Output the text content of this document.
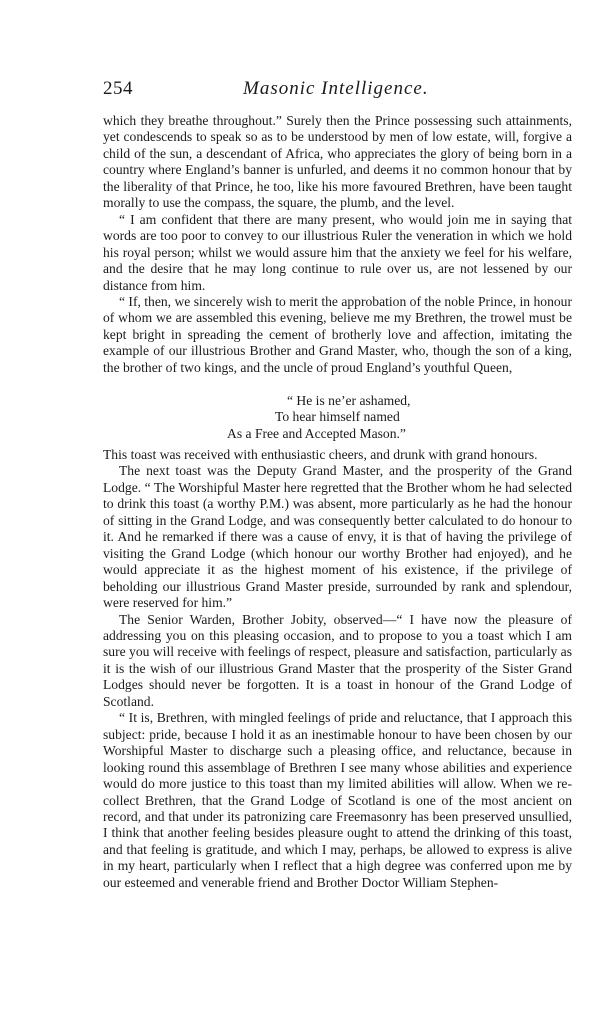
254	Masonic Intelligence.

which they breathe throughout.” Surely then the Prince possessing such attainments, yet condescends to speak so as to be understood by men of low estate, will, forgive a child of the sun, a descendant of Africa, who appreciates the glory of being born in a country where England’s banner is unfurled, and deems it no common honour that by the liberality of that Prince, he too, like his more favoured Brethren, have been taught morally to use the compass, the square, the plumb, and the level.

“ I am confident that there are many present, who would join me in saying that words are too poor to convey to our illustrious Ruler the veneration in which we hold his royal person; whilst we would assure him that the anxiety we feel for his welfare, and the desire that he may long continue to rule over us, are not lessened by our distance from him.

“ If, then, we sincerely wish to merit the approbation of the noble Prince, in honour of whom we are assembled this evening, believe me my Brethren, the trowel must be kept bright in spreading the cement of brotherly love and affection, imitating the example of our illustrious Brother and Grand Master, who, though the son of a king, the brother of two kings, and the uncle of proud England’s youthful Queen,

“ He is ne’er ashamed,
To hear himself named
As a Free and Accepted Mason.”

This toast was received with enthusiastic cheers, and drunk with grand honours.

The next toast was the Deputy Grand Master, and the prosperity of the Grand Lodge. “ The Worshipful Master here regretted that the Brother whom he had selected to drink this toast (a worthy P.M.) was absent, more particularly as he had the honour of sitting in the Grand Lodge, and was consequently better calculated to do honour to it. And he remarked if there was a cause of envy, it is that of having the privilege of visiting the Grand Lodge (which honour our worthy Brother had enjoyed), and he would appreciate it as the highest moment of his existence, if the privilege of beholding our illustrious Grand Master preside, surrounded by rank and splendour, were reserved for him.”

The Senior Warden, Brother Jobity, observed—“ I have now the pleasure of addressing you on this pleasing occasion, and to propose to you a toast which I am sure you will receive with feelings of respect, pleasure and satisfaction, particularly as it is the wish of our illustrious Grand Master that the prosperity of the Sister Grand Lodges should never be forgotten. It is a toast in honour of the Grand Lodge of Scotland.

“ It is, Brethren, with mingled feelings of pride and reluctance, that I approach this subject: pride, because I hold it as an inestimable honour to have been chosen by our Worshipful Master to discharge such a pleasing office, and reluctance, because in looking round this assemblage of Brethren I see many whose abilities and experience would do more justice to this toast than my limited abilities will allow. When we re-collect Brethren, that the Grand Lodge of Scotland is one of the most ancient on record, and that under its patronizing care Freemasonry has been preserved unsullied, I think that another feeling besides pleasure ought to attend the drinking of this toast, and that feeling is gratitude, and which I may, perhaps, be allowed to express is alive in my heart, particularly when I reflect that a high degree was conferred upon me by our esteemed and venerable friend and Brother Doctor William Stephen-
